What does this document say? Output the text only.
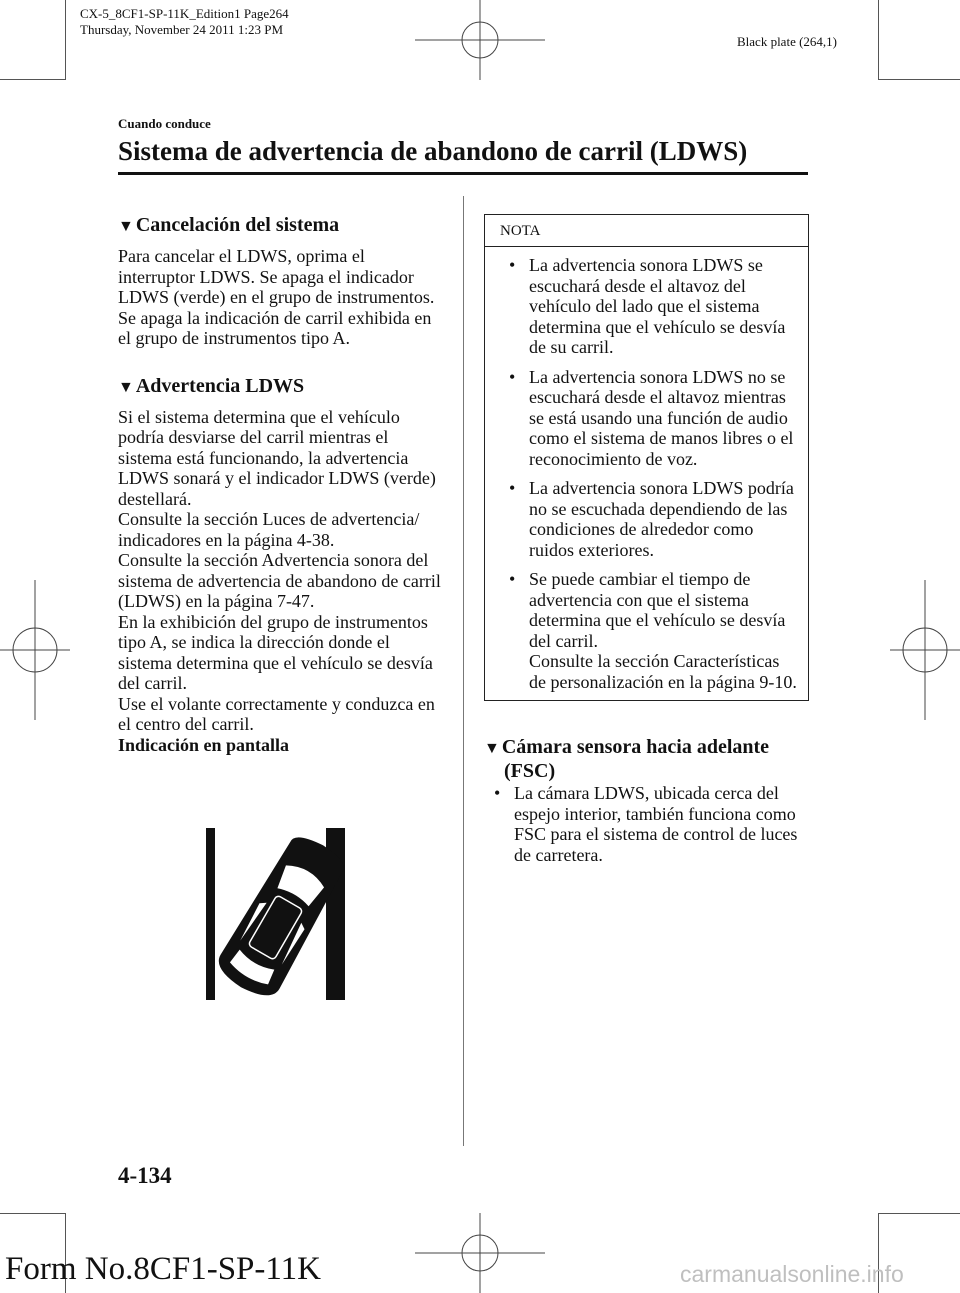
CX-5_8CF1-SP-11K_Edition1 Page264
Thursday, November 24 2011 1:23 PM
Black plate (264,1)
Cuando conduce
Sistema de advertencia de abandono de carril (LDWS)
▼ Cancelación del sistema

Para cancelar el LDWS, oprima el interruptor LDWS. Se apaga el indicador LDWS (verde) en el grupo de instrumentos.

Se apaga la indicación de carril exhibida en el grupo de instrumentos tipo A.

▼ Advertencia LDWS

Si el sistema determina que el vehículo podría desviarse del carril mientras el sistema está funcionando, la advertencia LDWS sonará y el indicador LDWS (verde) destellará.

Consulte la sección Luces de advertencia/ indicadores en la página 4-38.

Consulte la sección Advertencia sonora del sistema de advertencia de abandono de carril (LDWS) en la página 7-47.

En la exhibición del grupo de instrumentos tipo A, se indica la dirección donde el sistema determina que el vehículo se desvía del carril.

Use el volante correctamente y conduzca en el centro del carril.

Indicación en pantalla

NOTA
• La advertencia sonora LDWS se escuchará desde el altavoz del vehículo del lado que el sistema determina que el vehículo se desvía de su carril.
• La advertencia sonora LDWS no se escuchará desde el altavoz mientras se está usando una función de audio como el sistema de manos libres o el reconocimiento de voz.
• La advertencia sonora LDWS podría no se escuchada dependiendo de las condiciones de alrededor como ruidos exteriores.
• Se puede cambiar el tiempo de advertencia con que el sistema determina que el vehículo se desvía del carril.
Consulte la sección Características de personalización en la página 9-10.
▼ Cámara sensora hacia adelante
(FSC)
• La cámara LDWS, ubicada cerca del espejo interior, también funciona como FSC para el sistema de control de luces de carretera.
4-134
Form No.8CF1-SP-11K	carmanualsonline.info
